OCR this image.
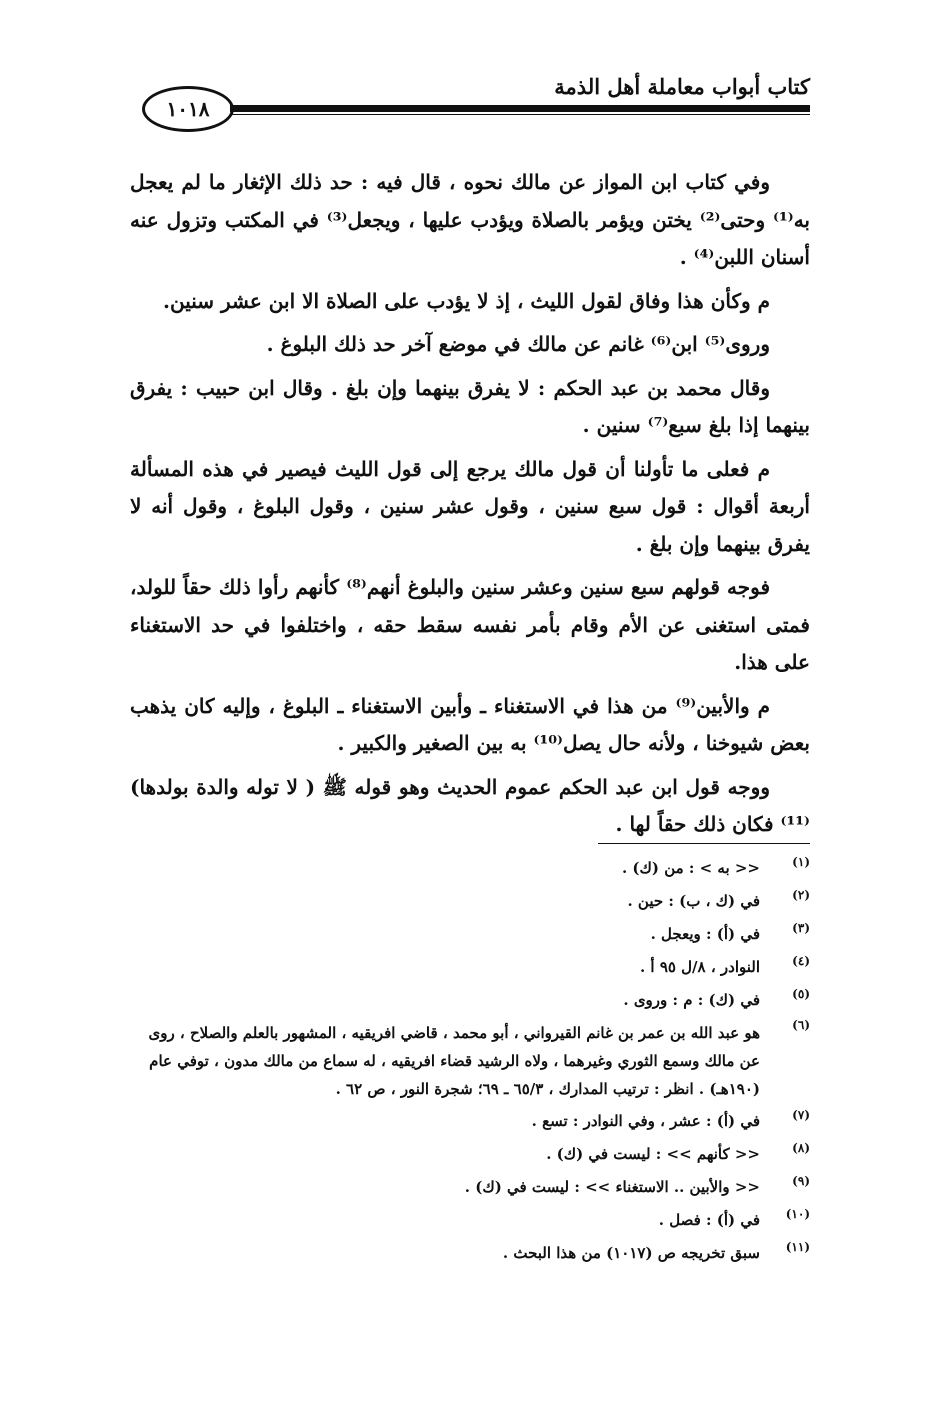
كتاب أبواب معاملة أهل الذمة
١٠١٨

وفي كتاب ابن المواز عن مالك نحوه ، قال فيه : حد ذلك الإثغار ما لم يعجل به⁽¹⁾ وحتى⁽²⁾ يختن ويؤمر بالصلاة ويؤدب عليها ، ويجعل⁽³⁾ في المكتب وتزول عنه أسنان اللبن⁽⁴⁾ .

م وكأن هذا وفاق لقول الليث ، إذ لا يؤدب على الصلاة الا ابن عشر سنين.

وروى⁽⁵⁾ ابن⁽⁶⁾ غانم عن مالك في موضع آخر حد ذلك البلوغ .

وقال محمد بن عبد الحكم : لا يفرق بينهما وإن بلغ . وقال ابن حبيب : يفرق بينهما إذا بلغ سبع⁽⁷⁾ سنين .

م فعلى ما تأولنا أن قول مالك يرجع إلى قول الليث فيصير في هذه المسألة أربعة أقوال : قول سبع سنين ، وقول عشر سنين ، وقول البلوغ ، وقول أنه لا يفرق بينهما وإن بلغ .

فوجه قولهم سبع سنين وعشر سنين والبلوغ أنهم⁽⁸⁾ كأنهم رأوا ذلك حقاً للولد، فمتى استغنى عن الأم وقام بأمر نفسه سقط حقه ، واختلفوا في حد الاستغناء على هذا.

م والأبين⁽⁹⁾ من هذا في الاستغناء ـ وأبين الاستغناء ـ البلوغ ، وإليه كان يذهب بعض شيوخنا ، ولأنه حال يصل⁽¹⁰⁾ به بين الصغير والكبير .

ووجه قول ابن عبد الحكم عموم الحديث وهو قوله ﷺ ( لا توله والدة بولدها)⁽¹¹⁾ فكان ذلك حقاً لها .

(١)
<< به > : من (ك) .
(٢)
في (ك ، ب) : حين .
(٣)
في (أ) : ويعجل .
(٤)
النوادر ، ٨/ل ٩٥ أ .
(٥)
في (ك) : م : وروى .
(٦)
هو عبد الله بن عمر بن غانم القيرواني ، أبو محمد ، قاضي افريقيه ، المشهور بالعلم والصلاح ، روى عن مالك وسمع الثوري وغيرهما ، ولاه الرشيد قضاء افريقيه ، له سماع من مالك مدون ، توفي عام (١٩٠هـ) . انظر : ترتيب المدارك ، ٦٥/٣ ـ ٦٩؛ شجرة النور ، ص ٦٢ .
(٧)
في (أ) : عشر ، وفي النوادر : تسع .
(٨)
<< كأنهم >> : ليست في (ك) .
(٩)
<< والأبين .. الاستغناء >> : ليست في (ك) .
(١٠)
في (أ) : فصل .
(١١)
سبق تخريجه ص (١٠١٧) من هذا البحث .
